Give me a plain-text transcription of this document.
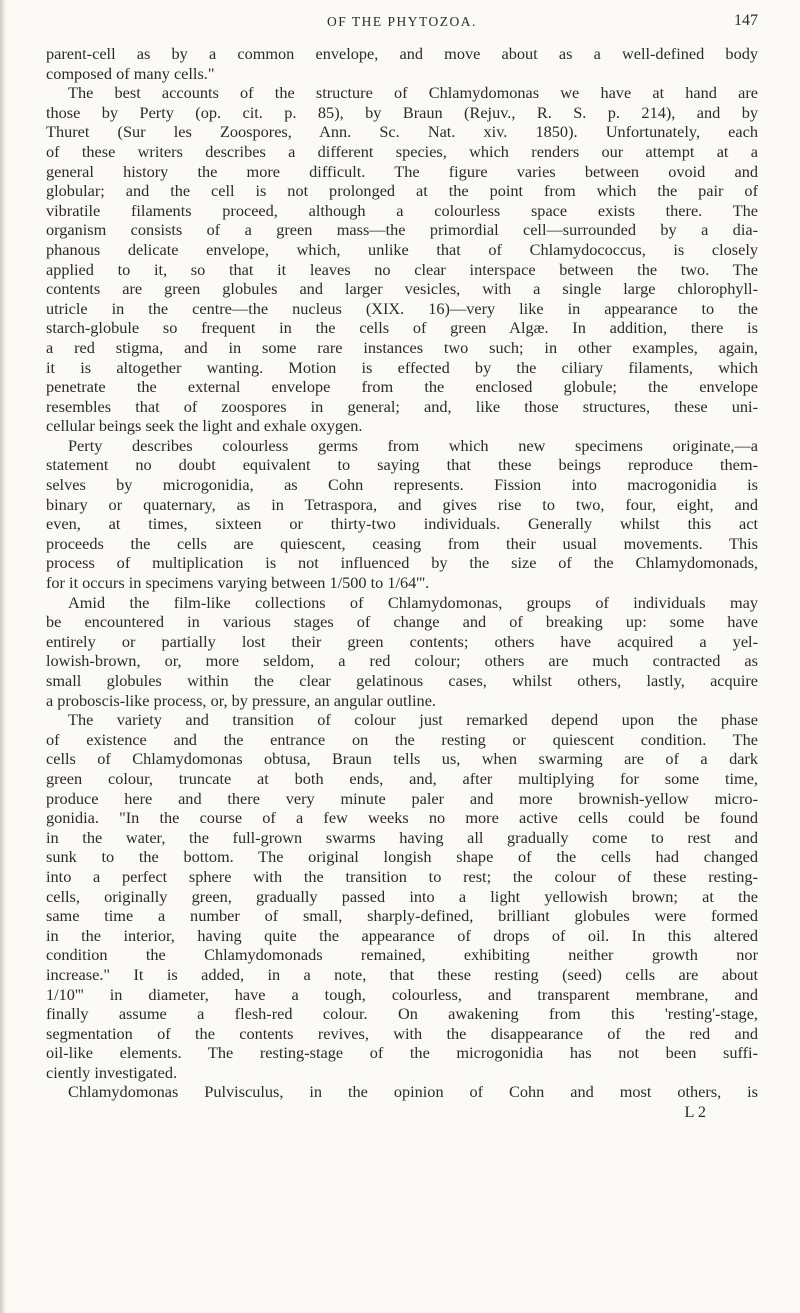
OF THE PHYTOZOA.	147
parent-cell as by a common envelope, and move about as a well-defined body
composed of many cells."
The best accounts of the structure of Chlamydomonas we have at hand are
those by Perty (op. cit. p. 85), by Braun (Rejuv., R. S. p. 214), and by
Thuret (Sur les Zoospores, Ann. Sc. Nat. xiv. 1850). Unfortunately, each
of these writers describes a different species, which renders our attempt at a
general history the more difficult. The figure varies between ovoid and
globular; and the cell is not prolonged at the point from which the pair of
vibratile filaments proceed, although a colourless space exists there. The
organism consists of a green mass—the primordial cell—surrounded by a dia-
phanous delicate envelope, which, unlike that of Chlamydococcus, is closely
applied to it, so that it leaves no clear interspace between the two. The
contents are green globules and larger vesicles, with a single large chlorophyll-
utricle in the centre—the nucleus (XIX. 16)—very like in appearance to the
starch-globule so frequent in the cells of green Algæ. In addition, there is
a red stigma, and in some rare instances two such; in other examples, again,
it is altogether wanting. Motion is effected by the ciliary filaments, which
penetrate the external envelope from the enclosed globule; the envelope
resembles that of zoospores in general; and, like those structures, these uni-
cellular beings seek the light and exhale oxygen.
Perty describes colourless germs from which new specimens originate,—a
statement no doubt equivalent to saying that these beings reproduce them-
selves by microgonidia, as Cohn represents. Fission into macrogonidia is
binary or quaternary, as in Tetraspora, and gives rise to two, four, eight, and
even, at times, sixteen or thirty-two individuals. Generally whilst this act
proceeds the cells are quiescent, ceasing from their usual movements. This
process of multiplication is not influenced by the size of the Chlamydomonads,
for it occurs in specimens varying between 1/500 to 1/64'''.
Amid the film-like collections of Chlamydomonas, groups of individuals may
be encountered in various stages of change and of breaking up: some have
entirely or partially lost their green contents; others have acquired a yel-
lowish-brown, or, more seldom, a red colour; others are much contracted as
small globules within the clear gelatinous cases, whilst others, lastly, acquire
a proboscis-like process, or, by pressure, an angular outline.
The variety and transition of colour just remarked depend upon the phase
of existence and the entrance on the resting or quiescent condition. The
cells of Chlamydomonas obtusa, Braun tells us, when swarming are of a dark
green colour, truncate at both ends, and, after multiplying for some time,
produce here and there very minute paler and more brownish-yellow micro-
gonidia. "In the course of a few weeks no more active cells could be found
in the water, the full-grown swarms having all gradually come to rest and
sunk to the bottom. The original longish shape of the cells had changed
into a perfect sphere with the transition to rest; the colour of these resting-
cells, originally green, gradually passed into a light yellowish brown; at the
same time a number of small, sharply-defined, brilliant globules were formed
in the interior, having quite the appearance of drops of oil. In this altered
condition the Chlamydomonads remained, exhibiting neither growth nor
increase." It is added, in a note, that these resting (seed) cells are about
1/10''' in diameter, have a tough, colourless, and transparent membrane, and
finally assume a flesh-red colour. On awakening from this 'resting'-stage,
segmentation of the contents revives, with the disappearance of the red and
oil-like elements. The resting-stage of the microgonidia has not been suffi-
ciently investigated.
Chlamydomonas Pulvisculus, in the opinion of Cohn and most others, is
L 2
